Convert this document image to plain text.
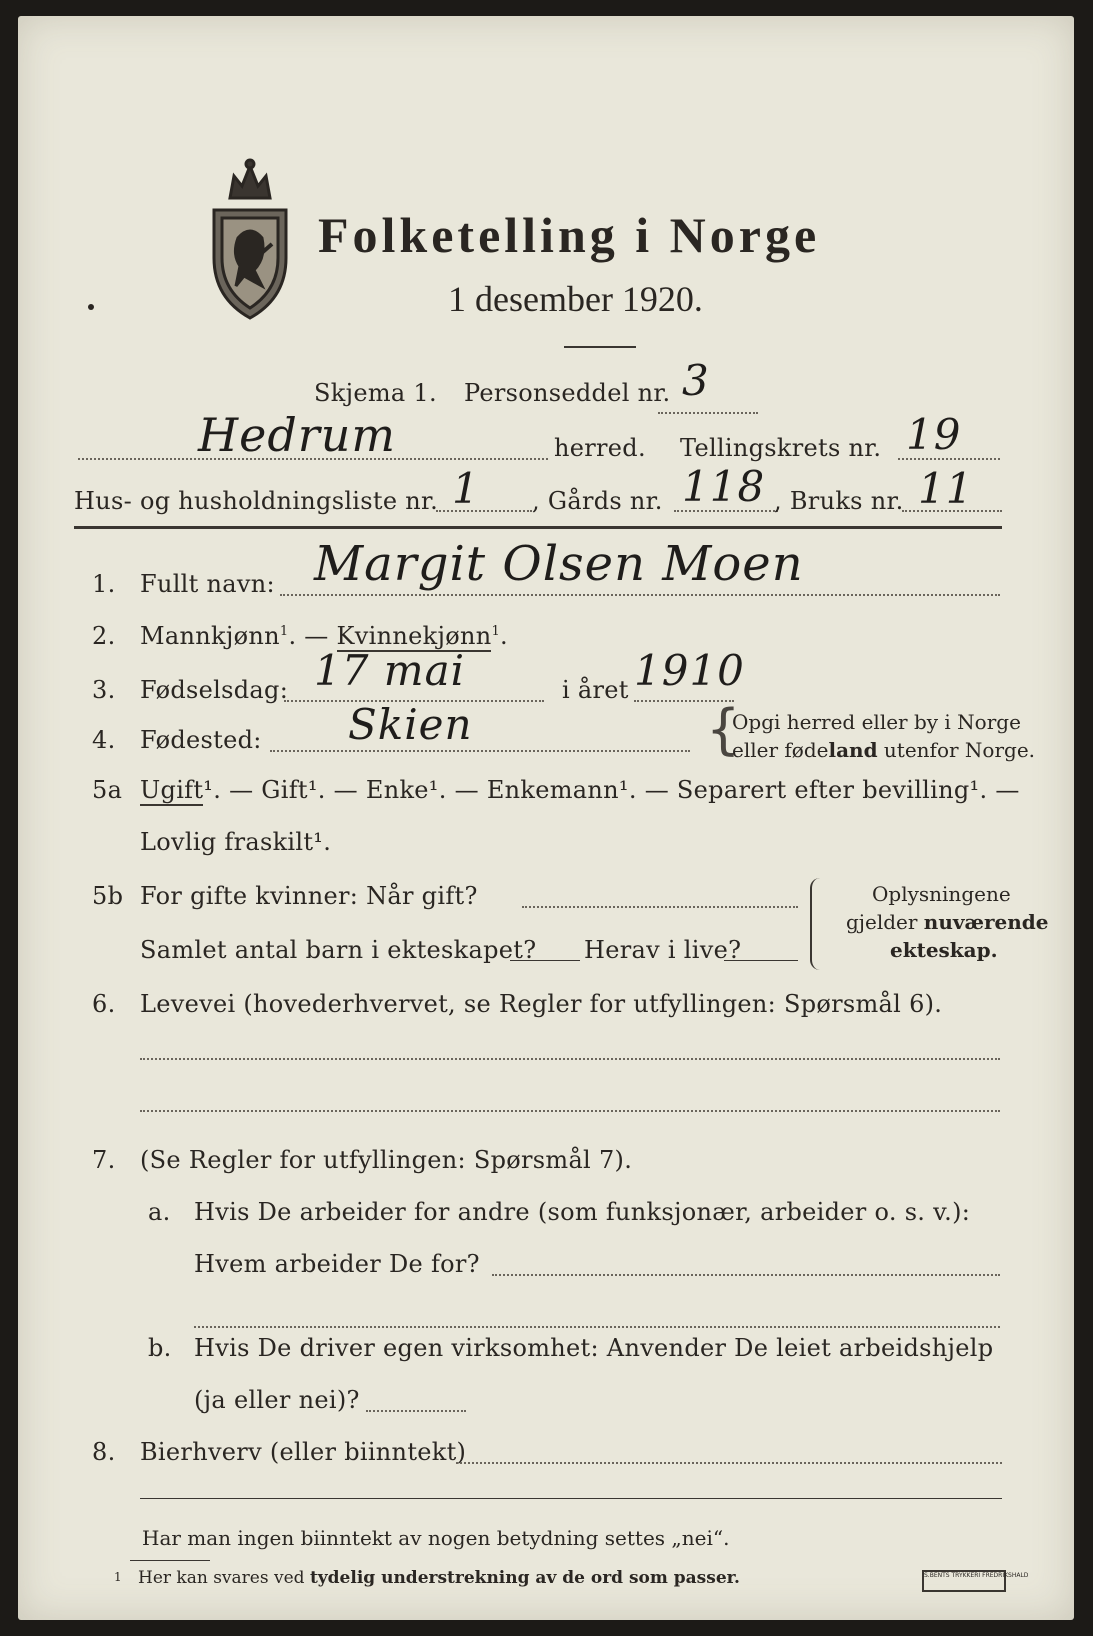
Folketelling i Norge
1 desember 1920.
Skjema 1. Personseddel nr. 3
Hedrum	herred. Tellingskrets nr. 19
Hus- og husholdningsliste nr. 1 , Gårds nr. 118 , Bruks nr. 11
1. Fullt navn: Margit Olsen Moen
2. Mannkjønn$^1$. — Kvinnekjønn$^1$.
3. Fødselsdag: 17 mai	i året 1910
4. Fødested: Skien	{
Opgi herred eller by i Norge
eller fødeland utenfor Norge.
5a Ugift¹. — Gift¹. — Enke¹. — Enkemann¹. — Separert efter bevilling¹. —
Lovlig fraskilt¹.
5b For gifte kvinner: Når gift?
Samlet antal barn i ekteskapet? Herav i live?
Oplysningene
gjelder nuværende
ekteskap.
6. Levevei (hovederhvervet, se Regler for utfyllingen: Spørsmål 6).
7. (Se Regler for utfyllingen: Spørsmål 7).
a. Hvis De arbeider for andre (som funksjonær, arbeider o. s. v.):
Hvem arbeider De for?
b. Hvis De driver egen virksomhet: Anvender De leiet arbeidshjelp
(ja eller nei)?
8. Bierhverv (eller biinntekt)
Har man ingen biinntekt av nogen betydning settes „nei“.
1 Her kan svares ved tydelig understrekning av de ord som passer.	S.BENTS TRYKKERI FREDRIKSHALD
